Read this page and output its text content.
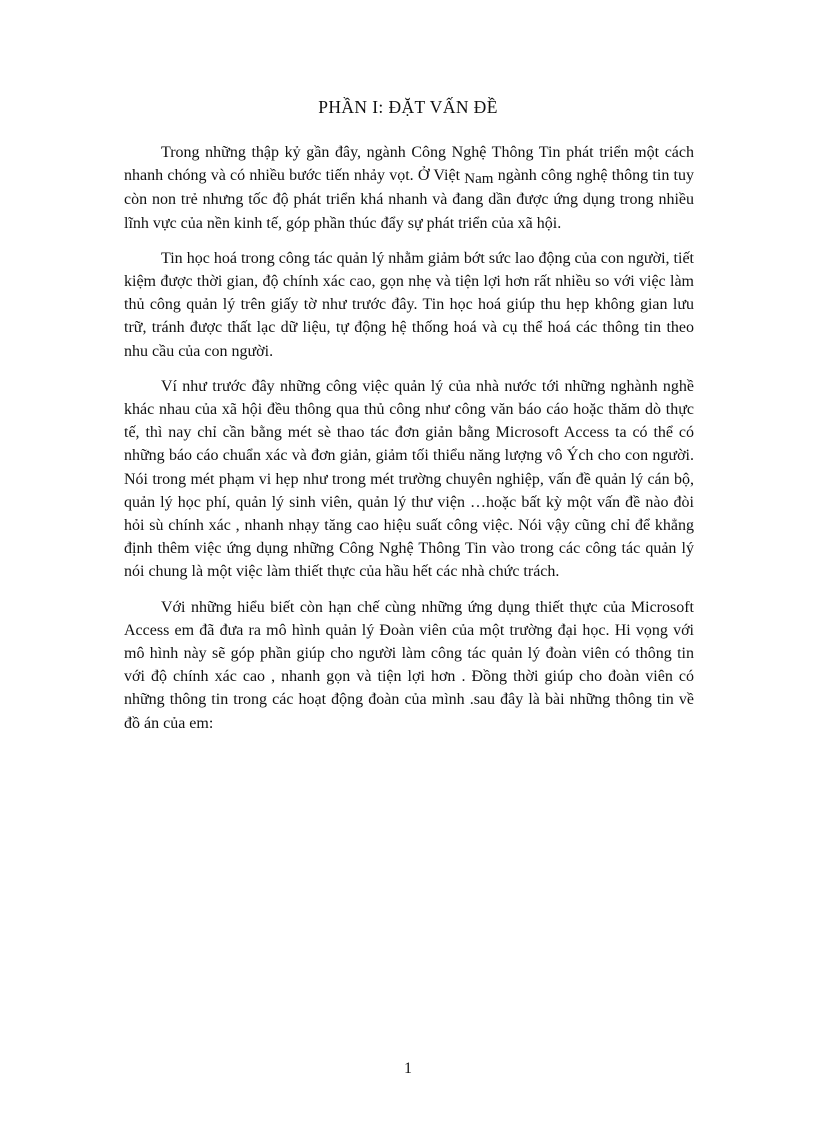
PHẦN I: ĐẶT VẤN ĐỀ

Trong những thập kỷ gần đây, ngành Công Nghệ Thông Tin phát triển một cách nhanh chóng và có nhiều bước tiến nhảy vọt. Ở Việt Nam ngành công nghệ thông tin tuy còn non trẻ nhưng tốc độ phát triển khá nhanh và đang dần được ứng dụng trong nhiều lĩnh vực của nền kinh tế, góp phần thúc đẩy sự phát triển của xã hội.

Tin học hoá trong công tác quản lý nhằm giảm bớt sức lao động của con người, tiết kiệm được thời gian, độ chính xác cao, gọn nhẹ và tiện lợi hơn rất nhiều so với việc làm thủ công quản lý trên giấy tờ như trước đây. Tin học hoá giúp thu hẹp không gian lưu trữ, tránh được thất lạc dữ liệu, tự động hệ thống hoá và cụ thể hoá các thông tin theo nhu cầu của con người.

Ví như trước đây những công việc quản lý của nhà nước tới những nghành nghề khác nhau của xã hội đều thông qua thủ công như công văn báo cáo hoặc thăm dò thực tế, thì nay chỉ cần bằng mét sè thao tác đơn giản bằng Microsoft Access ta có thể có những báo cáo chuẩn xác và đơn giản, giảm tối thiểu năng lượng vô Ých cho con người. Nói trong mét phạm vi hẹp như trong mét trường chuyên nghiệp, vấn đề quản lý cán bộ, quản lý học phí, quản lý sinh viên, quản lý thư viện …hoặc bất kỳ một vấn đề nào đòi hỏi sù chính xác , nhanh nhạy tăng cao hiệu suất công việc. Nói vậy cũng chỉ để khẳng định thêm việc ứng dụng những Công Nghệ Thông Tin vào trong các công tác quản lý nói chung là một việc làm thiết thực của hầu hết các nhà chức trách.

Với những hiểu biết còn hạn chế cùng những ứng dụng thiết thực của Microsoft Access em đã đưa ra mô hình quản lý Đoàn viên của một trường đại học. Hi vọng với mô hình này sẽ góp phần giúp cho người làm công tác quản lý đoàn viên có thông tin với độ chính xác cao , nhanh gọn và tiện lợi hơn . Đồng thời giúp cho đoàn viên có những thông tin trong các hoạt động đoàn của mình .sau đây là bài những thông tin về đồ án của em:

1
